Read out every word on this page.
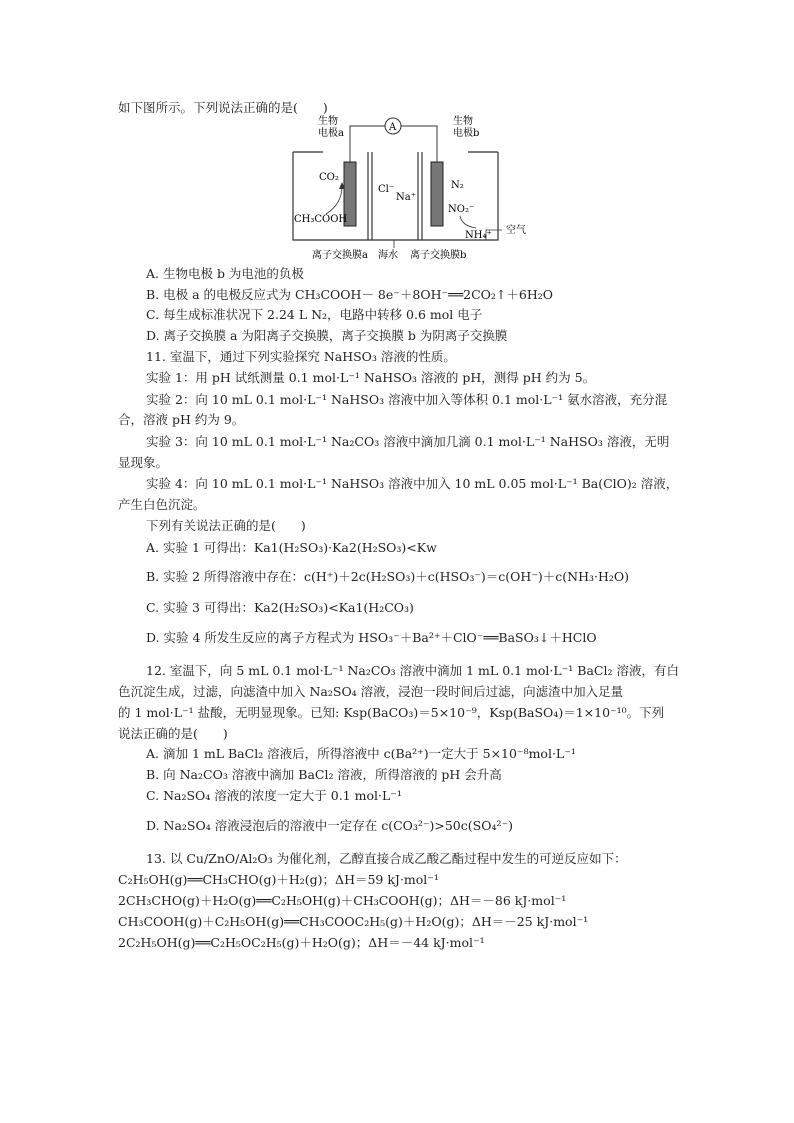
如下图所示。下列说法正确的是(　　)
A
生物
电极a
生物
电极b
CO₂
CH₃COOH
Cl⁻
Na⁺
N₂
NO₂⁻
NH₄⁺ 空气
离子交换膜a 海水 离子交换膜b
A. 生物电极 b 为电池的负极
B. 电极 a 的电极反应式为 CH₃COOH－ 8e⁻＋8OH⁻══2CO₂↑＋6H₂O
C. 每生成标准状况下 2.24 L N₂，电路中转移 0.6 mol 电子
D. 离子交换膜 a 为阳离子交换膜，离子交换膜 b 为阴离子交换膜
11. 室温下，通过下列实验探究 NaHSO₃ 溶液的性质。
实验 1：用 pH 试纸测量 0.1 mol·L⁻¹ NaHSO₃ 溶液的 pH，测得 pH 约为 5。
实验 2：向 10 mL 0.1 mol·L⁻¹ NaHSO₃ 溶液中加入等体积 0.1 mol·L⁻¹ 氨水溶液，充分混
合，溶液 pH 约为 9。
实验 3：向 10 mL 0.1 mol·L⁻¹ Na₂CO₃ 溶液中滴加几滴 0.1 mol·L⁻¹ NaHSO₃ 溶液，无明
显现象。
实验 4：向 10 mL 0.1 mol·L⁻¹ NaHSO₃ 溶液中加入 10 mL 0.05 mol·L⁻¹ Ba(ClO)₂ 溶液，
产生白色沉淀。
下列有关说法正确的是(　　)
A. 实验 1 可得出：Ka1(H₂SO₃)·Ka2(H₂SO₃)<Kw
B. 实验 2 所得溶液中存在：c(H⁺)＋2c(H₂SO₃)＋c(HSO₃⁻)＝c(OH⁻)＋c(NH₃·H₂O)
C. 实验 3 可得出：Ka2(H₂SO₃)<Ka1(H₂CO₃)
D. 实验 4 所发生反应的离子方程式为 HSO₃⁻＋Ba²⁺＋ClO⁻══BaSO₃↓＋HClO
12. 室温下，向 5 mL 0.1 mol·L⁻¹ Na₂CO₃ 溶液中滴加 1 mL 0.1 mol·L⁻¹ BaCl₂ 溶液，有白
色沉淀生成，过滤，向滤渣中加入 Na₂SO₄ 溶液，浸泡一段时间后过滤，向滤渣中加入足量
的 1 mol·L⁻¹ 盐酸，无明显现象。已知: Ksp(BaCO₃)＝5×10⁻⁹，Ksp(BaSO₄)＝1×10⁻¹⁰。下列
说法正确的是(　　)
A. 滴加 1 mL BaCl₂ 溶液后，所得溶液中 c(Ba²⁺)一定大于 5×10⁻⁸mol·L⁻¹
B. 向 Na₂CO₃ 溶液中滴加 BaCl₂ 溶液，所得溶液的 pH 会升高
C. Na₂SO₄ 溶液的浓度一定大于 0.1 mol·L⁻¹
D. Na₂SO₄ 溶液浸泡后的溶液中一定存在 c(CO₃²⁻)>50c(SO₄²⁻)
13. 以 Cu/ZnO/Al₂O₃ 为催化剂，乙醇直接合成乙酸乙酯过程中发生的可逆反应如下：
C₂H₅OH(g)══CH₃CHO(g)＋H₂(g)；ΔH＝59 kJ·mol⁻¹
2CH₃CHO(g)＋H₂O(g)══C₂H₅OH(g)＋CH₃COOH(g)；ΔH＝－86 kJ·mol⁻¹
CH₃COOH(g)＋C₂H₅OH(g)══CH₃COOC₂H₅(g)＋H₂O(g)；ΔH＝－25 kJ·mol⁻¹
2C₂H₅OH(g)══C₂H₅OC₂H₅(g)＋H₂O(g)；ΔH＝－44 kJ·mol⁻¹
